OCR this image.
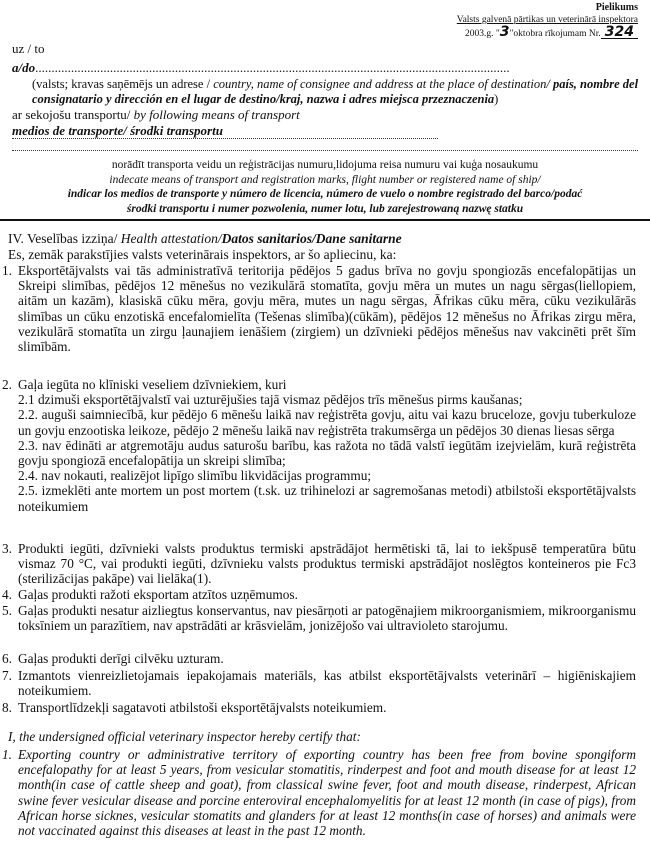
Pielikums
Valsts galvenā pārtikas un veterinārā inspektora
2003.g. "3"oktobra rīkojumam Nr. 324
uz / to
a/do..................................................................................................................................................
(valsts; kravas saņēmējs un adrese / country, name of consignee and address at the place of destination/ país, nombre del consignatario y dirección en el lugar de destino/kraj, nazwa i adres miejsca przeznaczenia)
ar sekojošu transportu/ by following means of transport
medios de transporte/ środki transportu
norādīt transporta veidu un reģistrācijas numuru,lidojuma reisa numuru vai kuģa nosaukumu
indecate means of transport and registration marks, flight number or registered name of ship/
indicar los medios de transporte y número de licencia, número de vuelo o nombre registrado del barco/podać
środki transportu i numer pozwolenia, numer lotu, lub zarejestrowaną nazwę statku
IV. Veselības izziņa/ Health attestation/Datos sanitarios/Dane sanitarne
Es, zemāk parakstījies valsts veterinārais inspektors, ar šo apliecinu, ka:
1. Eksportētājvalsts vai tās administratīvā teritorija pēdējos 5 gadus brīva no govju spongiozās encefalopātijas un Skreipi slimības, pēdējos 12 mēnešus no vezikulārā stomatīta, govju mēra un mutes un nagu sērgas(liellopiem, aitām un kazām), klasiskā cūku mēra, govju mēra, mutes un nagu sērgas, Āfrikas cūku mēra, cūku vezikulārās slimības un cūku enzotiskā encefalomielīta (Tešenas slimība)(cūkām), pēdējos 12 mēnešus no Āfrikas zirgu mēra, vezikulārā stomatīta un zirgu ļaunajiem ienāšiem (zirgiem) un dzīvnieki pēdējos mēnešus nav vakcinēti prēt šīm slimībām.
2. Gaļa iegūta no klīniski veseliem dzīvniekiem, kuri
2.1 dzimuši eksportētājvalstī vai uzturējušies tajā vismaz pēdējos trīs mēnešus pirms kaušanas;
2.2. auguši saimniecībā, kur pēdējo 6 mēnešu laikā nav reģistrēta govju, aitu vai kazu bruceloze, govju tuberkuloze un govju enzootiska leikoze, pēdējo 2 mēnešu laikā nav reģistrēta trakumsērga un pēdējos 30 dienas liesas sērga
2.3. nav ēdināti ar atgremotāju audus saturošu barību, kas ražota no tādā valstī iegūtām izejvielām, kurā reģistrēta govju spongiozā encefalopātija un skreipi slimība;
2.4. nav nokauti, realizējot lipīgo slimību likvidācijas programmu;
2.5. izmeklēti ante mortem un post mortem (t.sk. uz trihinelozi ar sagremošanas metodi) atbilstoši eksportētājvalsts noteikumiem
3. Produkti iegūti, dzīvnieki valsts produktus termiski apstrādājot hermētiski tā, lai to iekšpusē temperatūra būtu vismaz 70 °C, vai produkti iegūti, dzīvnieku valsts produktus termiski apstrādājot noslēgtos konteineros pie Fc3 (sterilizācijas pakāpe) vai lielāka(1).
4. Gaļas produkti ražoti eksportam atzītos uzņēmumos.
5. Gaļas produkti nesatur aizliegtus konservantus, nav piesārņoti ar patogēnajiem mikroorganismiem, mikroorganismu toksīniem un parazītiem, nav apstrādāti ar krāsvielām, jonizējošo vai ultravioleto starojumu.
6. Gaļas produkti derīgi cilvēku uzturam.
7. Izmantots vienreizlietojamais iepakojamais materiāls, kas atbilst eksportētājvalsts veterinārī – higiēniskajiem noteikumiem.
8. Transportlīdzekļi sagatavoti atbilstoši eksportētājvalsts noteikumiem.
I, the undersigned official veterinary inspector hereby certify that:
1. Exporting country or administrative territory of exporting country has been free from bovine spongiform encefalopathy for at least 5 years, from vesicular stomatitis, rinderpest and foot and mouth disease for at least 12 month(in case of cattle sheep and goat), from classical swine fever, foot and mouth disease, rinderpest, African swine fever vesicular disease and porcine enteroviral encephalomyelitis for at least 12 month (in case of pigs), from African horse sicknes, vesicular stomatits and glanders for at least 12 months(in case of horses) and animals were not vaccinated against this diseases at least in the past 12 month.
